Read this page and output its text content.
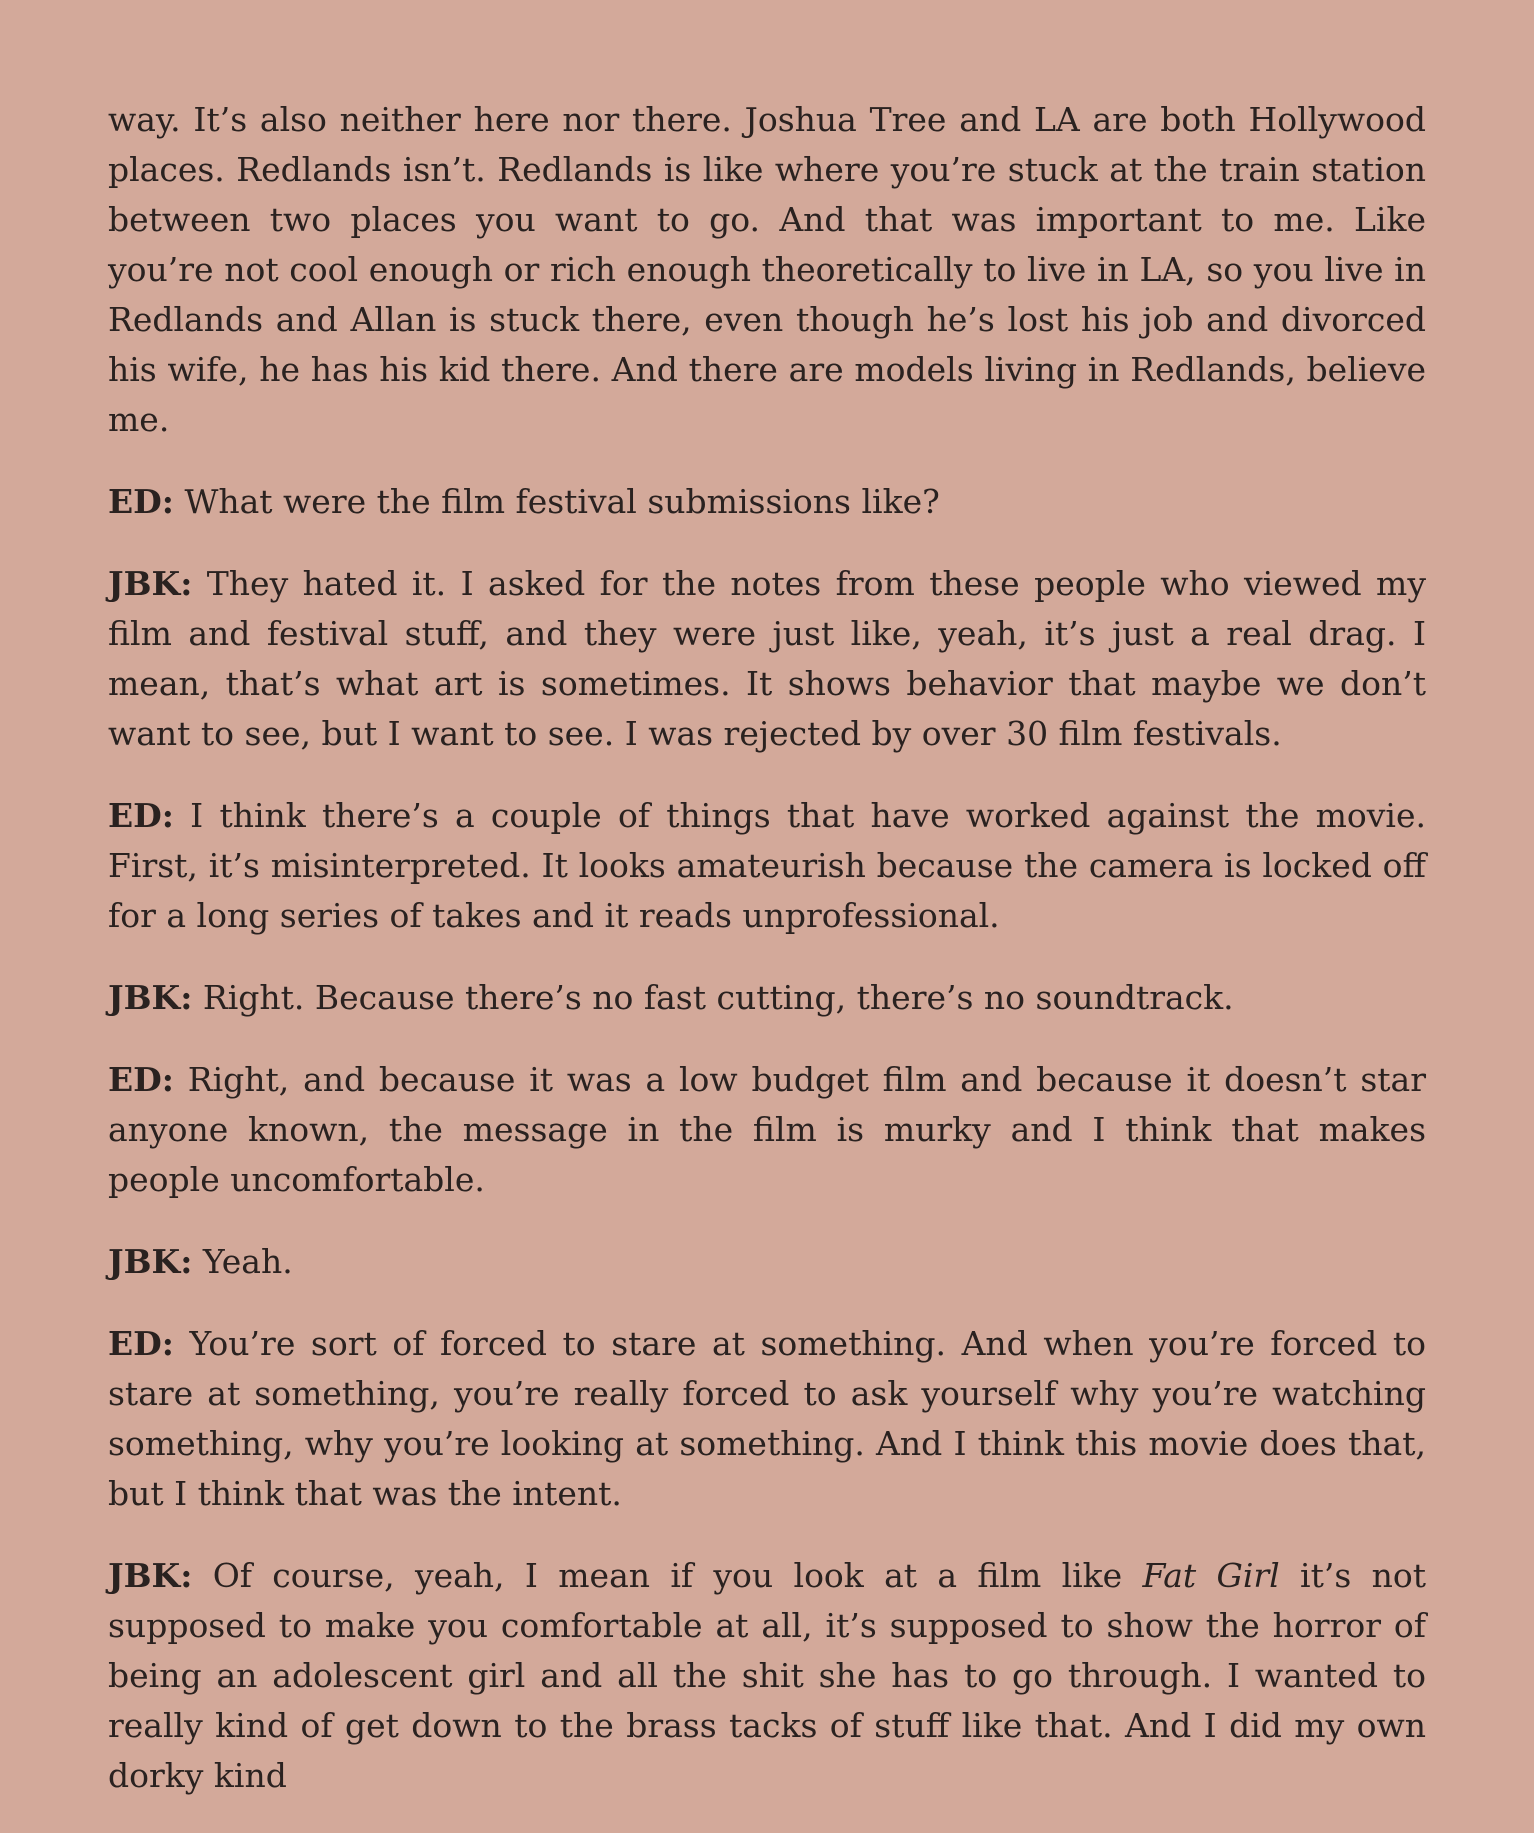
way. It’s also neither here nor there. Joshua Tree and LA are both Hollywood places. Redlands isn’t. Redlands is like where you’re stuck at the train station between two places you want to go. And that was important to me. Like you’re not cool enough or rich enough theoretically to live in LA, so you live in Redlands and Allan is stuck there, even though he’s lost his job and divorced his wife, he has his kid there. And there are models living in Redlands, believe me.

ED: What were the film festival submissions like?

JBK: They hated it. I asked for the notes from these people who viewed my film and festival stuff, and they were just like, yeah, it’s just a real drag. I mean, that’s what art is sometimes. It shows behavior that maybe we don’t want to see, but I want to see. I was rejected by over 30 film festivals.

ED: I think there’s a couple of things that have worked against the movie. First, it’s misinterpreted. It looks amateurish because the camera is locked off for a long series of takes and it reads unprofessional.

JBK: Right. Because there’s no fast cutting, there’s no soundtrack.

ED: Right, and because it was a low budget film and because it doesn’t star anyone known, the message in the film is murky and I think that makes people uncomfortable.

JBK: Yeah.

ED: You’re sort of forced to stare at something. And when you’re forced to stare at something, you’re really forced to ask yourself why you’re watching something, why you’re looking at something. And I think this movie does that, but I think that was the intent.

JBK: Of course, yeah, I mean if you look at a film like Fat Girl it’s not supposed to make you comfortable at all, it’s supposed to show the horror of being an adolescent girl and all the shit she has to go through. I wanted to really kind of get down to the brass tacks of stuff like that. And I did my own dorky kind
